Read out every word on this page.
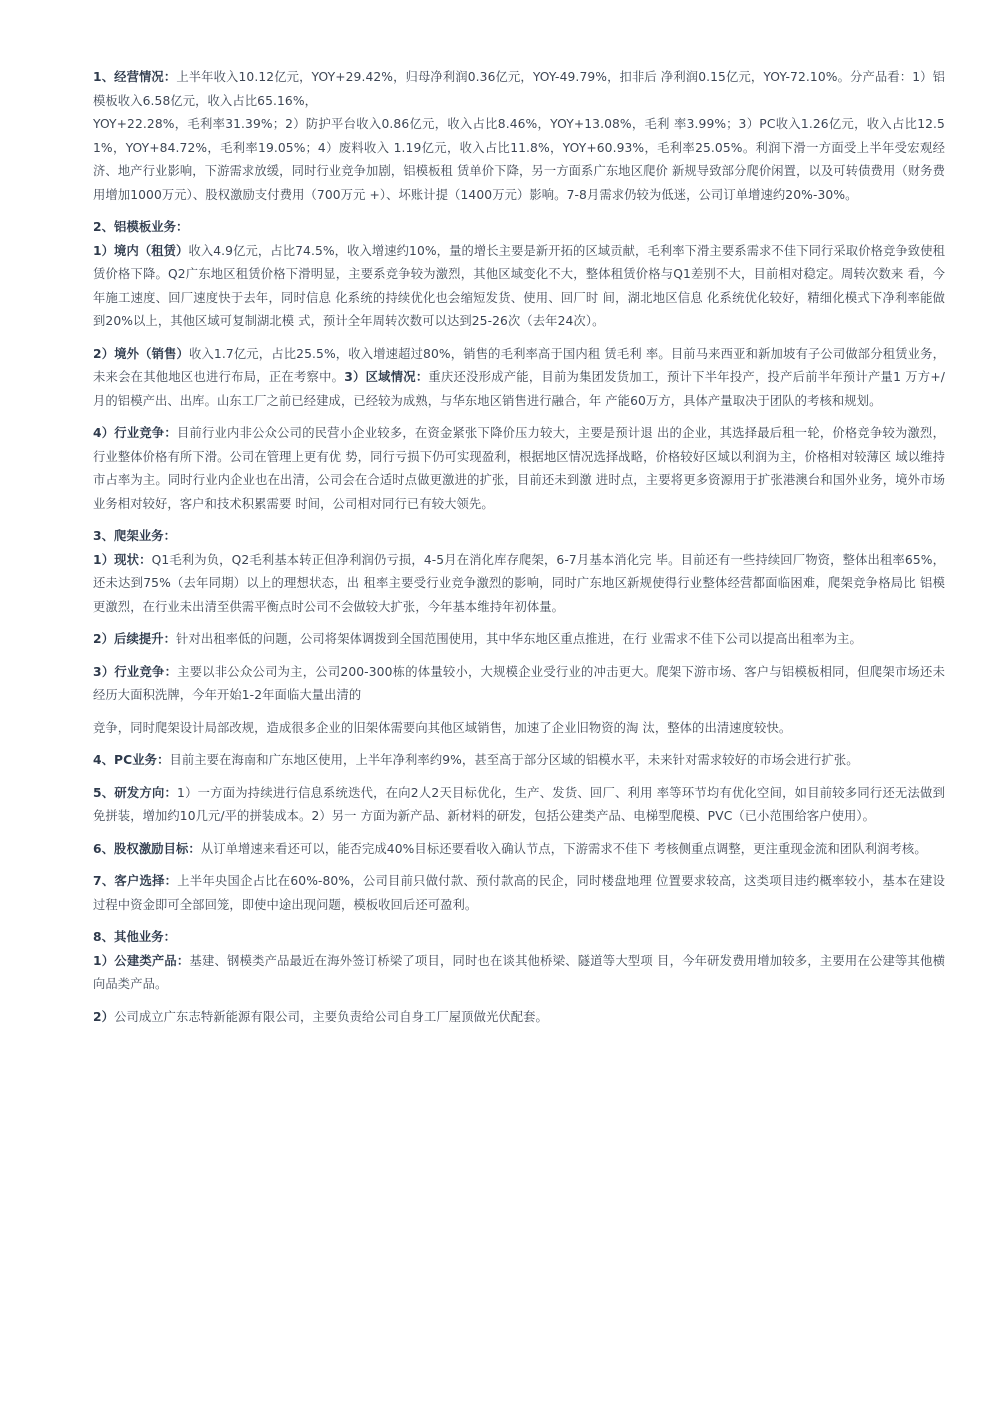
1、经营情况：上半年收入10.12亿元，YOY+29.42%，归母净利润0.36亿元，YOY-49.79%，扣非后 净利润0.15亿元，YOY-72.10%。分产品看：1）铝模板收入6.58亿元，收入占比65.16%，

YOY+22.28%，毛利率31.39%；2）防护平台收入0.86亿元，收入占比8.46%，YOY+13.08%，毛利 率3.99%；3）PC收入1.26亿元，收入占比12.51%，YOY+84.72%，毛利率19.05%；4）废料收入 1.19亿元，收入占比11.8%，YOY+60.93%，毛利率25.05%。利润下滑一方面受上半年受宏观经济、地产行业影响，下游需求放缓，同时行业竞争加剧，铝模板租 赁单价下降，另一方面系广东地区爬价 新规导致部分爬价闲置，以及可转债费用（财务费用增加1000万元）、股权激励支付费用（700万元 +）、坏账计提（1400万元）影响。7-8月需求仍较为低迷，公司订单增速约20%-30%。

2、铝模板业务：

1）境内（租赁）收入4.9亿元，占比74.5%，收入增速约10%，量的增长主要是新开拓的区域贡献，毛利率下滑主要系需求不佳下同行采取价格竞争致使租赁价格下降。Q2广东地区租赁价格下滑明显，主要系竞争较为激烈，其他区域变化不大，整体租赁价格与Q1差别不大，目前相对稳定。周转次数来 看，今年施工速度、回厂速度快于去年，同时信息 化系统的持续优化也会缩短发货、使用、回厂时 间，湖北地区信息 化系统优化较好，精细化模式下净利率能做到20%以上，其他区域可复制湖北模 式，预计全年周转次数可以达到25-26次（去年24次）。

2）境外（销售）收入1.7亿元，占比25.5%，收入增速超过80%，销售的毛利率高于国内租 赁毛利 率。目前马来西亚和新加坡有子公司做部分租赁业务，未来会在其他地区也进行布局，正在考察中。3）区域情况：重庆还没形成产能，目前为集团发货加工，预计下半年投产，投产后前半年预计产量1 万方+/月的铝模产出、出库。山东工厂之前已经建成，已经较为成熟，与华东地区销售进行融合，年 产能60万方，具体产量取决于团队的考核和规划。

4）行业竞争：目前行业内非公众公司的民营小企业较多，在资金紧张下降价压力较大，主要是预计退 出的企业，其选择最后租一轮，价格竞争较为激烈，行业整体价格有所下滑。公司在管理上更有优 势，同行亏损下仍可实现盈利，根据地区情况选择战略，价格较好区域以利润为主，价格相对较薄区 域以维持市占率为主。同时行业内企业也在出清，公司会在合适时点做更激进的扩张，目前还未到激 进时点，主要将更多资源用于扩张港澳台和国外业务，境外市场业务相对较好，客户和技术积累需要 时间，公司相对同行已有较大领先。

3、爬架业务：

1）现状：Q1毛利为负，Q2毛利基本转正但净利润仍亏损，4-5月在消化库存爬架，6-7月基本消化完 毕。目前还有一些持续回厂物资，整体出租率65%，还未达到75%（去年同期）以上的理想状态，出 租率主要受行业竞争激烈的影响，同时广东地区新规使得行业整体经营都面临困难，爬架竞争格局比 铝模更激烈，在行业未出清至供需平衡点时公司不会做较大扩张，今年基本维持年初体量。

2）后续提升：针对出租率低的问题，公司将架体调拨到全国范围使用，其中华东地区重点推进，在行 业需求不佳下公司以提高出租率为主。

3）行业竞争：主要以非公众公司为主，公司200-300栋的体量较小，大规模企业受行业的冲击更大。爬架下游市场、客户与铝模板相同，但爬架市场还未经历大面积洗牌，今年开始1-2年面临大量出清的

竞争，同时爬架设计局部改规，造成很多企业的旧架体需要向其他区域销售，加速了企业旧物资的淘 汰，整体的出清速度较快。

4、PC业务：目前主要在海南和广东地区使用，上半年净利率约9%，甚至高于部分区域的铝模水平，未来针对需求较好的市场会进行扩张。

5、研发方向：1）一方面为持续进行信息系统迭代，在向2人2天目标优化，生产、发货、回厂、利用 率等环节均有优化空间，如目前较多同行还无法做到免拼装，增加约10几元/平的拼装成本。2）另一 方面为新产品、新材料的研发，包括公建类产品、电梯型爬模、PVC（已小范围给客户使用）。

6、股权激励目标：从订单增速来看还可以，能否完成40%目标还要看收入确认节点，下游需求不佳下 考核侧重点调整，更注重现金流和团队利润考核。

7、客户选择：上半年央国企占比在60%-80%，公司目前只做付款、预付款高的民企，同时楼盘地理 位置要求较高，这类项目违约概率较小，基本在建设过程中资金即可全部回笼，即使中途出现问题，模板收回后还可盈利。

8、其他业务：

1）公建类产品：基建、钢模类产品最近在海外签订桥梁了项目，同时也在谈其他桥梁、隧道等大型项 目，今年研发费用增加较多，主要用在公建等其他横向品类产品。

2）公司成立广东志特新能源有限公司，主要负责给公司自身工厂屋顶做光伏配套。
